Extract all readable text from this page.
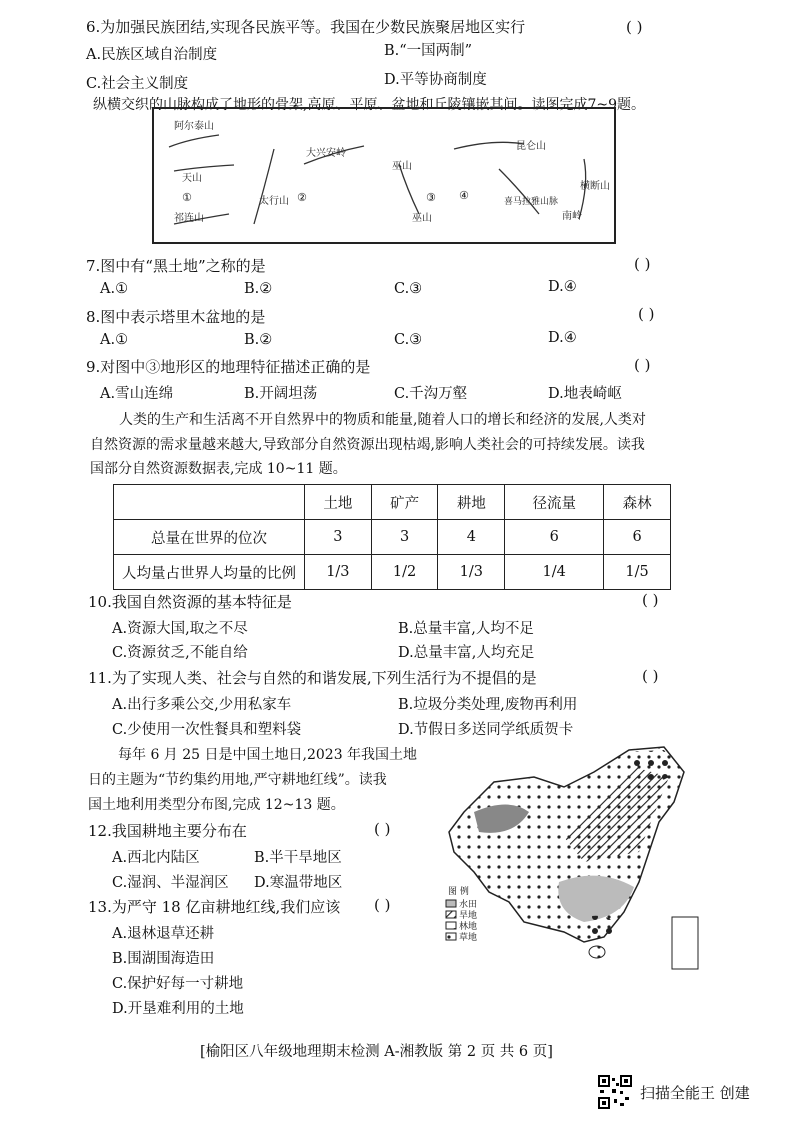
6.为加强民族团结,实现各民族平等。我国在少数民族聚居地区实行	( )
A.民族区域自治制度	B.“一国两制”
C.社会主义制度	D.平等协商制度
纵横交织的山脉构成了地形的骨架,高原、平原、盆地和丘陵镶嵌其间。读图完成7~9题。
阿尔泰山
天山
祁连山
大兴安岭
太行山
巫山
巫山
昆仑山
横断山
南岭
喜马拉雅山脉
①	②	③ ④
7.图中有“黑土地”之称的是	( )
A.①	B.②	C.③	D.④
8.图中表示塔里木盆地的是	( )
A.①	B.②	C.③	D.④
9.对图中③地形区的地理特征描述正确的是	( )
A.雪山连绵	B.开阔坦荡	C.千沟万壑	D.地表崎岖
人类的生产和生活离不开自然界中的物质和能量,随着人口的增长和经济的发展,人类对
自然资源的需求量越来越大,导致部分自然资源出现枯竭,影响人类社会的可持续发展。读我
国部分自然资源数据表,完成 10~11 题。
	土地	矿产	耕地	径流量	森林
总量在世界的位次	3	3	4	6	6
人均量占世界人均量的比例	1/3	1/2	1/3	1/4	1/5
10.我国自然资源的基本特征是	( )
A.资源大国,取之不尽	B.总量丰富,人均不足
C.资源贫乏,不能自给	D.总量丰富,人均充足
11.为了实现人类、社会与自然的和谐发展,下列生活行为不提倡的是	( )
A.出行多乘公交,少用私家车	B.垃圾分类处理,废物再利用
C.少使用一次性餐具和塑料袋	D.节假日多送同学纸质贺卡
每年 6 月 25 日是中国土地日,2023 年我国土地
日的主题为“节约集约用地,严守耕地红线”。读我
国土地利用类型分布图,完成 12~13 题。
12.我国耕地主要分布在	( )
A.西北内陆区	B.半干旱地区
C.湿润、半湿润区 D.寒温带地区
13.为严守 18 亿亩耕地红线,我们应该 ( )
A.退林退草还耕
B.围湖围海造田
C.保护好每一寸耕地
D.开垦难利用的土地
图 例
水田
旱地
林地
草地
[榆阳区八年级地理期末检测 A-湘教版 第 2 页 共 6 页]
扫描全能王 创建
